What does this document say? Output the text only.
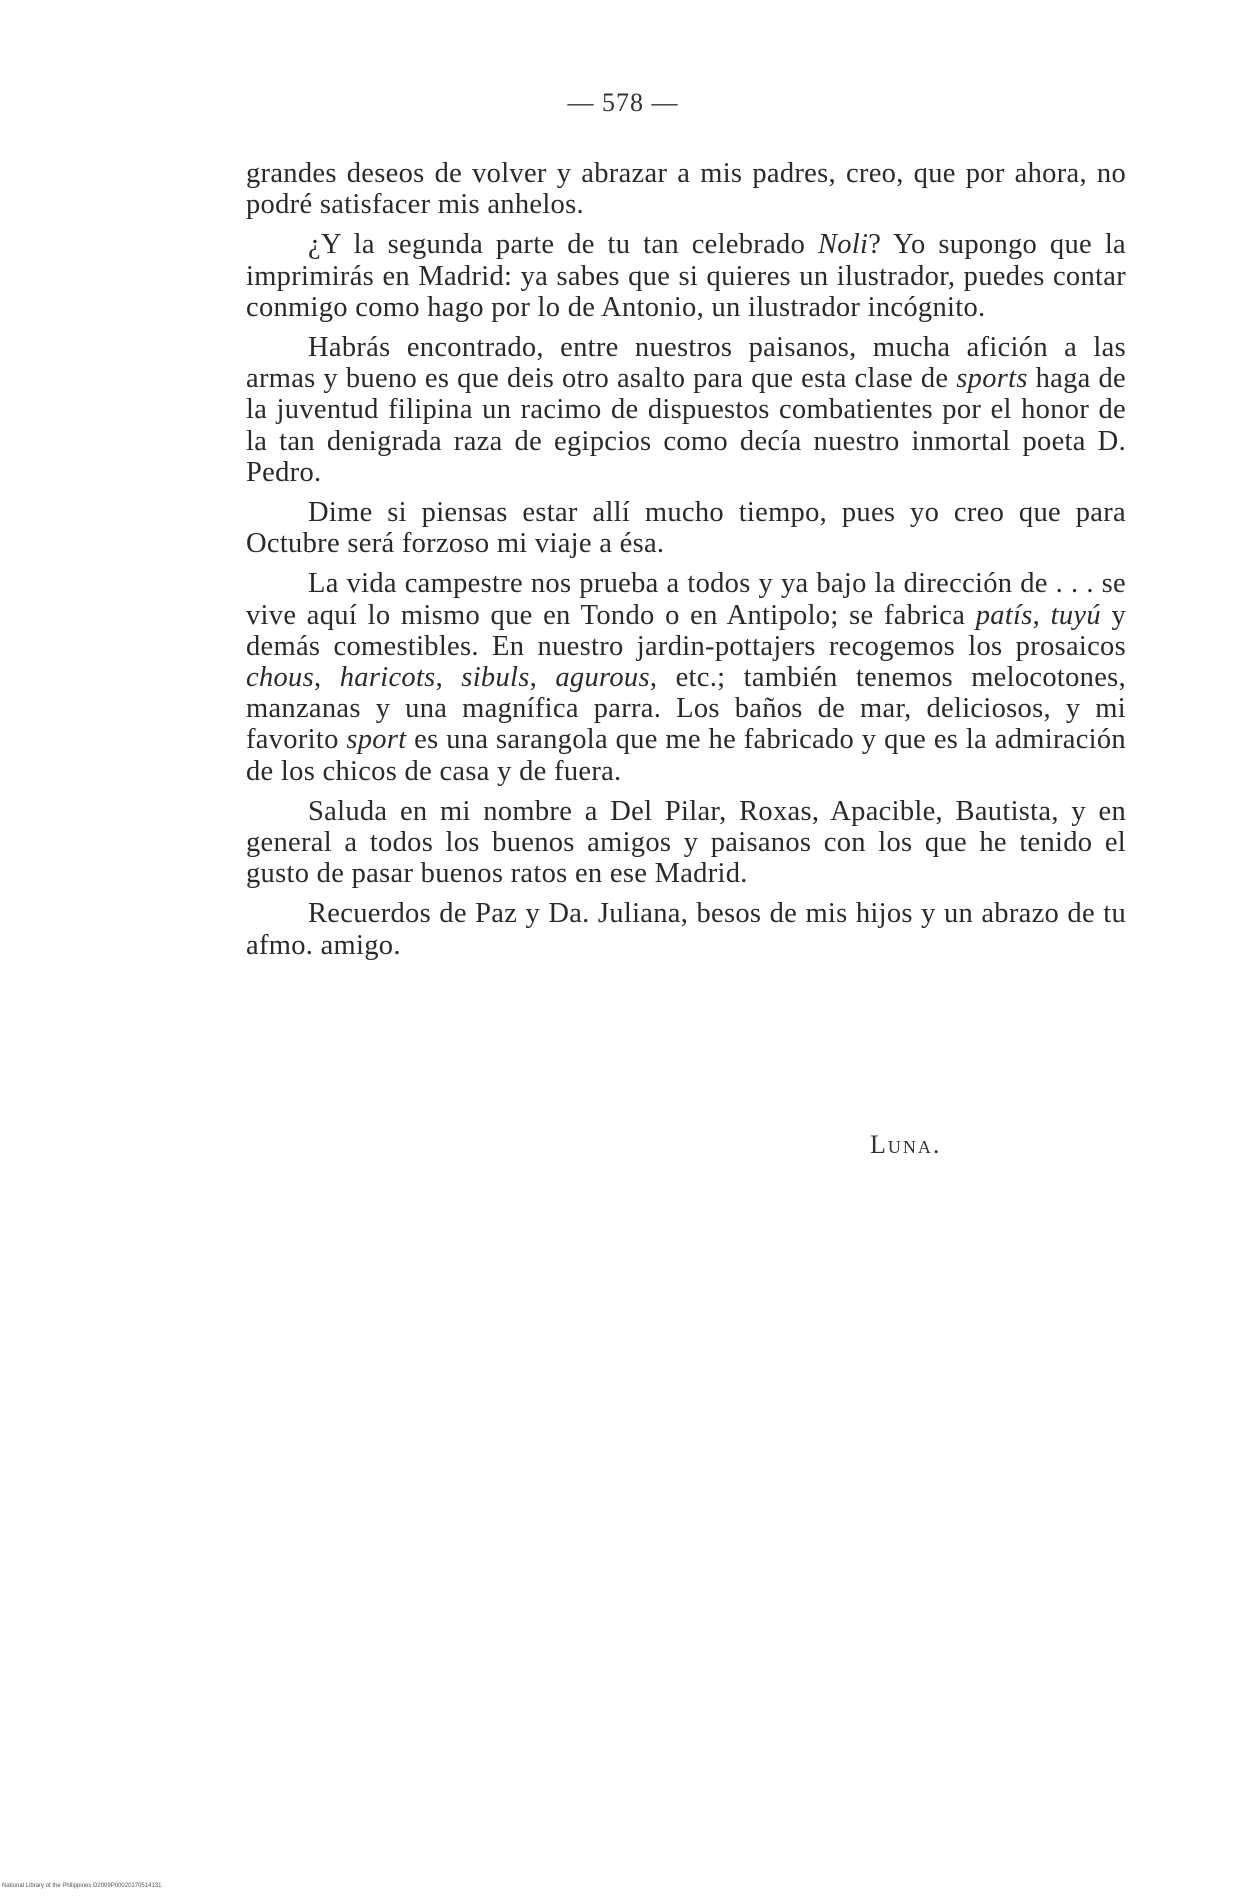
— 578 —

grandes deseos de volver y abrazar a mis padres, creo, que por ahora, no podré satisfacer mis anhelos.

¿Y la segunda parte de tu tan celebrado Noli? Yo supongo que la imprimirás en Madrid: ya sabes que si quieres un ilustrador, puedes contar conmigo como hago por lo de Antonio, un ilustrador incógnito.

Habrás encontrado, entre nuestros paisanos, mucha afición a las armas y bueno es que deis otro asalto para que esta clase de sports haga de la juventud filipina un racimo de dispuestos combatientes por el honor de la tan denigrada raza de egipcios como decía nuestro inmortal poeta D. Pedro.

Dime si piensas estar allí mucho tiempo, pues yo creo que para Octubre será forzoso mi viaje a ésa.

La vida campestre nos prueba a todos y ya bajo la dirección de . . . se vive aquí lo mismo que en Tondo o en Antipolo; se fabrica patís, tuyú y demás comestibles. En nuestro jardin-pottajers recogemos los prosaicos chous, haricots, sibuls, agurous, etc.; también tenemos melocotones, manzanas y una magnífica parra. Los baños de mar, deliciosos, y mi favorito sport es una sarangola que me he fabricado y que es la admiración de los chicos de casa y de fuera.

Saluda en mi nombre a Del Pilar, Roxas, Apacible, Bautista, y en general a todos los buenos amigos y paisanos con los que he tenido el gusto de pasar buenos ratos en ese Madrid.

Recuerdos de Paz y Da. Juliana, besos de mis hijos y un abrazo de tu afmo. amigo.

Luna.
National Library of the Philippines D2009P00020170514131
